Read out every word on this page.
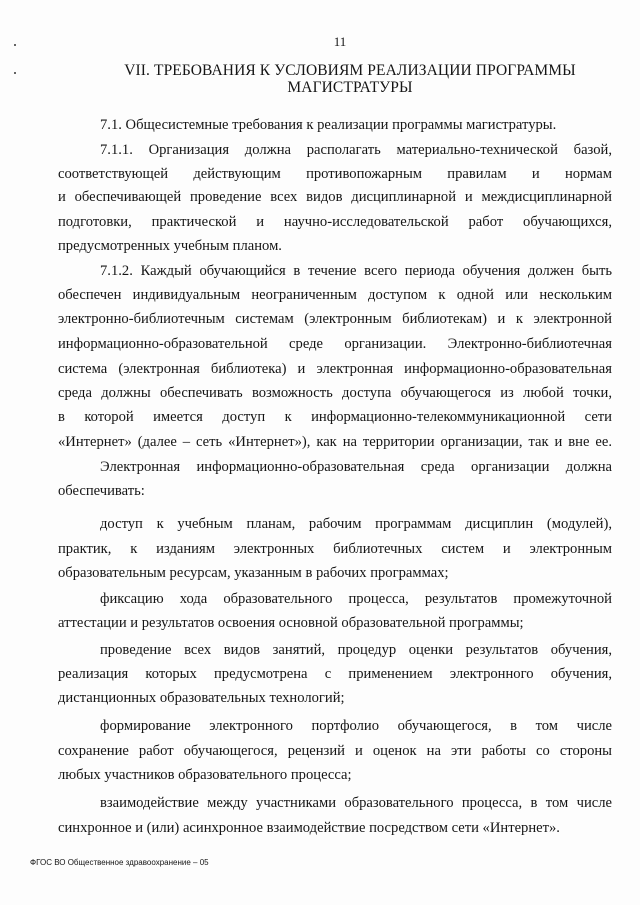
11
VII. ТРЕБОВАНИЯ К УСЛОВИЯМ РЕАЛИЗАЦИИ ПРОГРАММЫ
МАГИСТРАТУРЫ
7.1. Общесистемные требования к реализации программы магистратуры.
7.1.1. Организация должна располагать материально-технической базой,
соответствующей действующим противопожарным правилам и нормам
и обеспечивающей проведение всех видов дисциплинарной и междисциплинарной
подготовки, практической и научно-исследовательской работ обучающихся,
предусмотренных учебным планом.
7.1.2. Каждый обучающийся в течение всего периода обучения должен быть
обеспечен индивидуальным неограниченным доступом к одной или нескольким
электронно-библиотечным системам (электронным библиотекам) и к электронной
информационно-образовательной среде организации. Электронно-библиотечная
система (электронная библиотека) и электронная информационно-образовательная
среда должны обеспечивать возможность доступа обучающегося из любой точки,
в которой имеется доступ к информационно-телекоммуникационной сети
«Интернет» (далее – сеть «Интернет»), как на территории организации, так и вне ее.
Электронная информационно-образовательная среда организации должна
обеспечивать:
доступ к учебным планам, рабочим программам дисциплин (модулей),
практик, к изданиям электронных библиотечных систем и электронным
образовательным ресурсам, указанным в рабочих программах;
фиксацию хода образовательного процесса, результатов промежуточной
аттестации и результатов освоения основной образовательной программы;
проведение всех видов занятий, процедур оценки результатов обучения,
реализация которых предусмотрена с применением электронного обучения,
дистанционных образовательных технологий;
формирование электронного портфолио обучающегося, в том числе
сохранение работ обучающегося, рецензий и оценок на эти работы со стороны
любых участников образовательного процесса;
взаимодействие между участниками образовательного процесса, в том числе
синхронное и (или) асинхронное взаимодействие посредством сети «Интернет».
ФГОС ВО Общественное здравоохранение – 05
